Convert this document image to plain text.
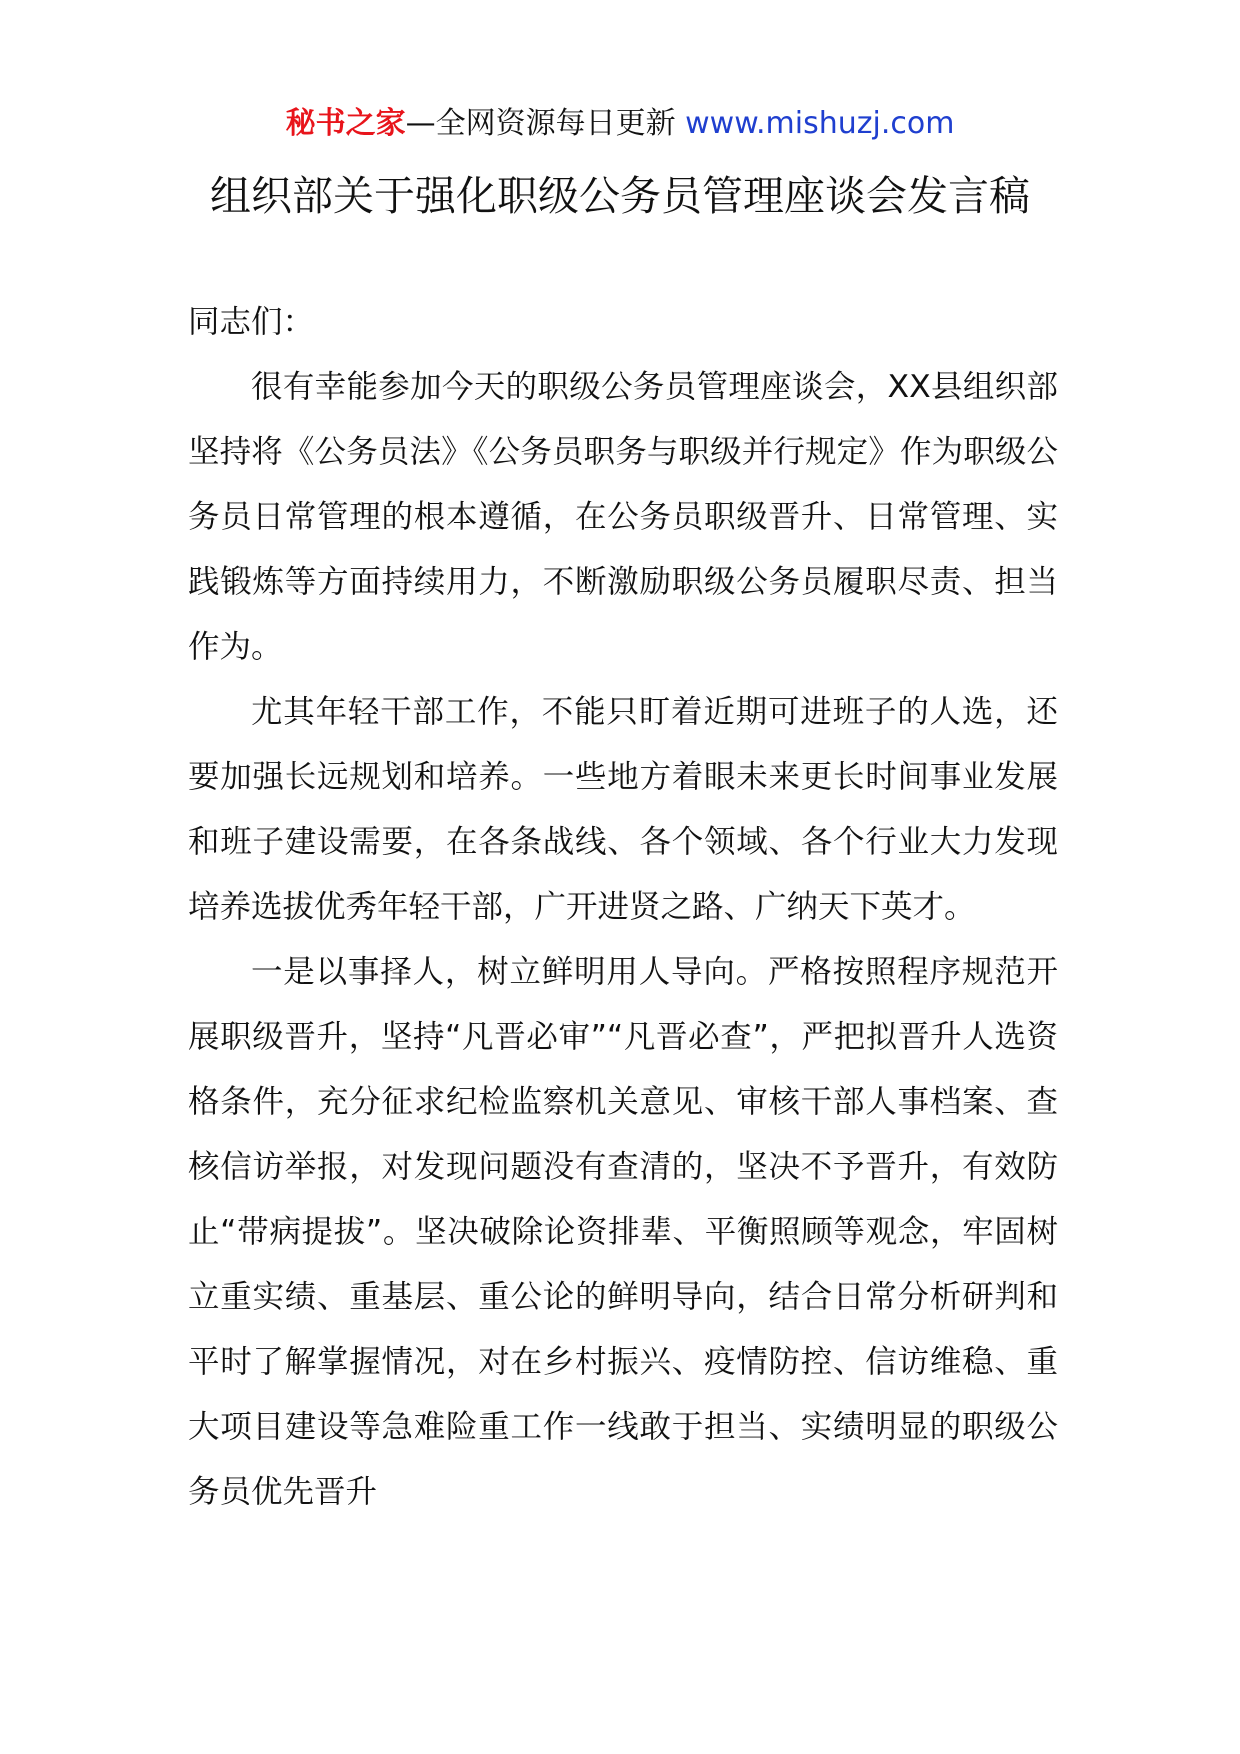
秘书之家—全网资源每日更新 www.mishuzj.com
组织部关于强化职级公务员管理座谈会发言稿

同志们：

很有幸能参加今天的职级公务员管理座谈会，XX县组织部坚持将《公务员法》《公务员职务与职级并行规定》作为职级公务员日常管理的根本遵循，在公务员职级晋升、日常管理、实践锻炼等方面持续用力，不断激励职级公务员履职尽责、担当作为。

尤其年轻干部工作，不能只盯着近期可进班子的人选，还要加强长远规划和培养。一些地方着眼未来更长时间事业发展和班子建设需要，在各条战线、各个领域、各个行业大力发现培养选拔优秀年轻干部，广开进贤之路、广纳天下英才。

一是以事择人，树立鲜明用人导向。严格按照程序规范开展职级晋升，坚持“凡晋必审”“凡晋必查”，严把拟晋升人选资格条件，充分征求纪检监察机关意见、审核干部人事档案、查核信访举报，对发现问题没有查清的，坚决不予晋升，有效防止“带病提拔”。坚决破除论资排辈、平衡照顾等观念，牢固树立重实绩、重基层、重公论的鲜明导向，结合日常分析研判和平时了解掌握情况，对在乡村振兴、疫情防控、信访维稳、重大项目建设等急难险重工作一线敢于担当、实绩明显的职级公务员优先晋升
